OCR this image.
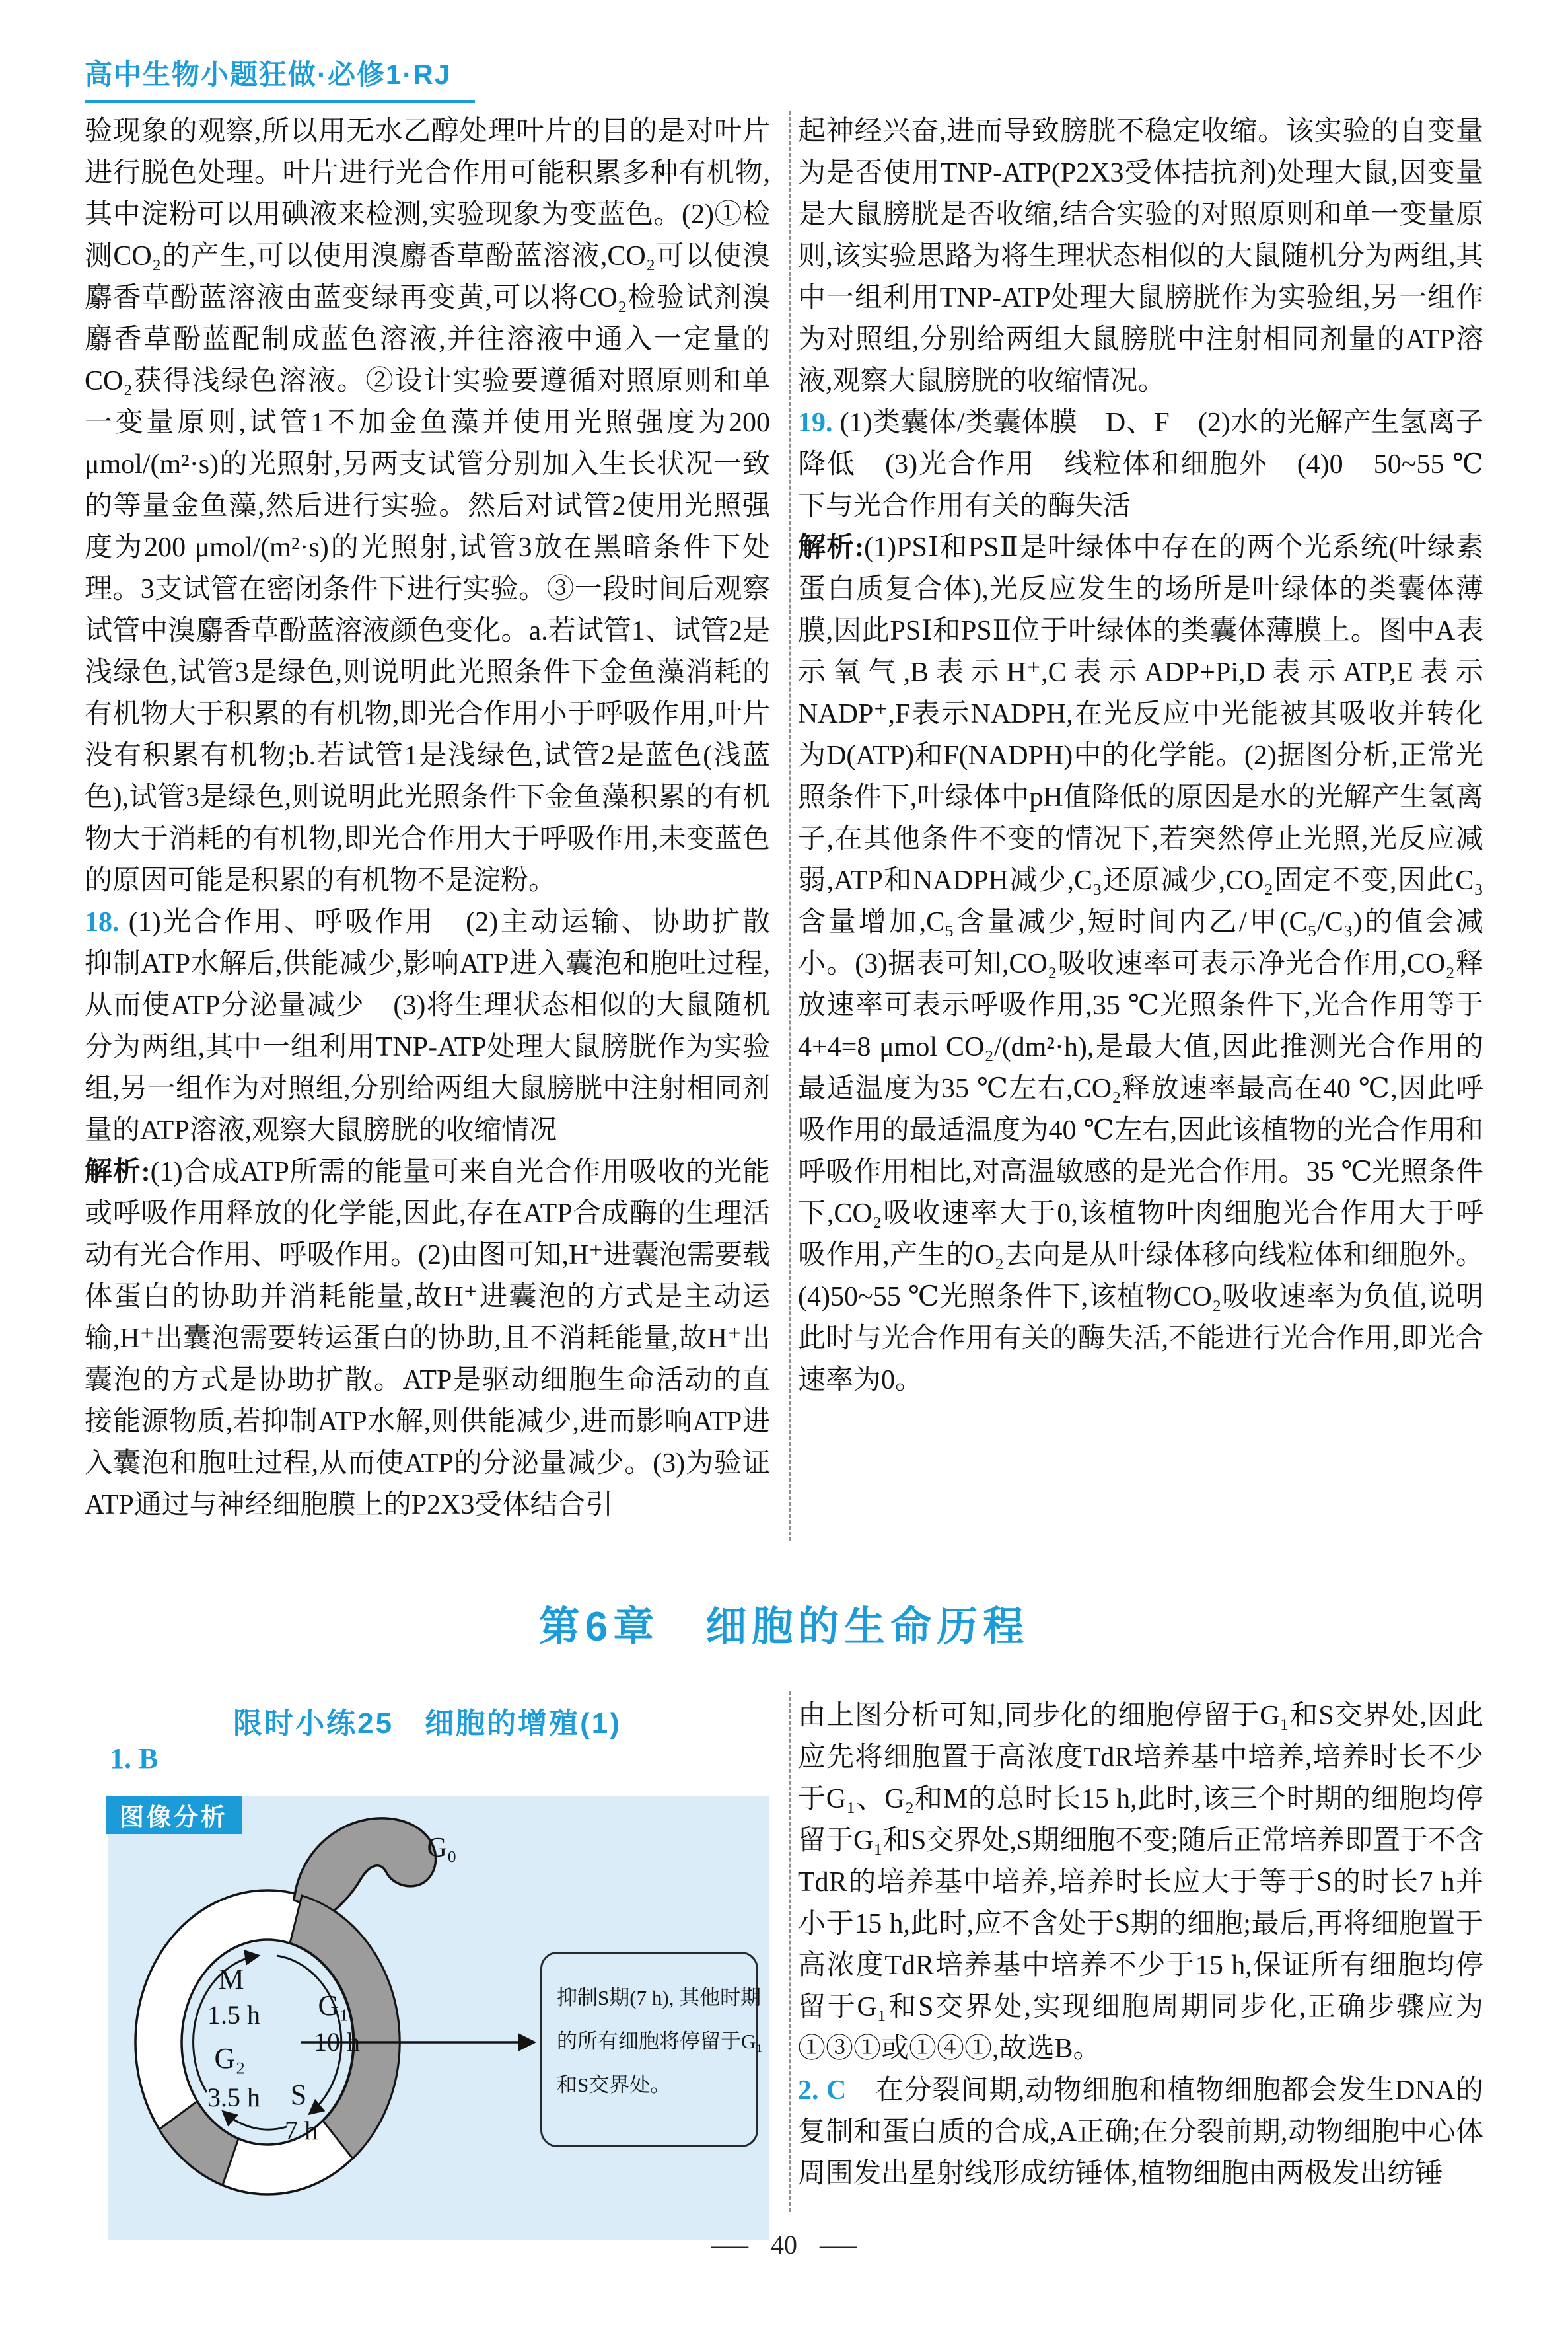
高中生物小题狂做·必修1·RJ

验现象的观察,所以用无水乙醇处理叶片的目的是对叶片进行脱色处理。叶片进行光合作用可能积累多种有机物,其中淀粉可以用碘液来检测,实验现象为变蓝色。(2)①检测CO₂的产生,可以使用溴麝香草酚蓝溶液,CO₂可以使溴麝香草酚蓝溶液由蓝变绿再变黄,可以将CO₂检验试剂溴麝香草酚蓝配制成蓝色溶液,并往溶液中通入一定量的CO₂获得浅绿色溶液。②设计实验要遵循对照原则和单一变量原则,试管1不加金鱼藻并使用光照强度为200 μmol/(m²·s)的光照射,另两支试管分别加入生长状况一致的等量金鱼藻,然后进行实验。然后对试管2使用光照强度为200 μmol/(m²·s)的光照射,试管3放在黑暗条件下处理。3支试管在密闭条件下进行实验。③一段时间后观察试管中溴麝香草酚蓝溶液颜色变化。a.若试管1、试管2是浅绿色,试管3是绿色,则说明此光照条件下金鱼藻消耗的有机物大于积累的有机物,即光合作用小于呼吸作用,叶片没有积累有机物;b.若试管1是浅绿色,试管2是蓝色(浅蓝色),试管3是绿色,则说明此光照条件下金鱼藻积累的有机物大于消耗的有机物,即光合作用大于呼吸作用,未变蓝色的原因可能是积累的有机物不是淀粉。

18. (1)光合作用、呼吸作用　(2)主动运输、协助扩散　抑制ATP水解后,供能减少,影响ATP进入囊泡和胞吐过程,从而使ATP分泌量减少　(3)将生理状态相似的大鼠随机分为两组,其中一组利用TNP-ATP处理大鼠膀胱作为实验组,另一组作为对照组,分别给两组大鼠膀胱中注射相同剂量的ATP溶液,观察大鼠膀胱的收缩情况

解析:(1)合成ATP所需的能量可来自光合作用吸收的光能或呼吸作用释放的化学能,因此,存在ATP合成酶的生理活动有光合作用、呼吸作用。(2)由图可知,H⁺进囊泡需要载体蛋白的协助并消耗能量,故H⁺进囊泡的方式是主动运输,H⁺出囊泡需要转运蛋白的协助,且不消耗能量,故H⁺出囊泡的方式是协助扩散。ATP是驱动细胞生命活动的直接能源物质,若抑制ATP水解,则供能减少,进而影响ATP进入囊泡和胞吐过程,从而使ATP的分泌量减少。(3)为验证ATP通过与神经细胞膜上的P2X3受体结合引

起神经兴奋,进而导致膀胱不稳定收缩。该实验的自变量为是否使用TNP-ATP(P2X3受体拮抗剂)处理大鼠,因变量是大鼠膀胱是否收缩,结合实验的对照原则和单一变量原则,该实验思路为将生理状态相似的大鼠随机分为两组,其中一组利用TNP-ATP处理大鼠膀胱作为实验组,另一组作为对照组,分别给两组大鼠膀胱中注射相同剂量的ATP溶液,观察大鼠膀胱的收缩情况。

19. (1)类囊体/类囊体膜　D、F　(2)水的光解产生氢离子降低　(3)光合作用　线粒体和细胞外　(4)0　50~55 ℃下与光合作用有关的酶失活

解析:(1)PSⅠ和PSⅡ是叶绿体中存在的两个光系统(叶绿素蛋白质复合体),光反应发生的场所是叶绿体的类囊体薄膜,因此PSⅠ和PSⅡ位于叶绿体的类囊体薄膜上。图中A表示氧气,B表示H⁺,C表示ADP+Pi,D表示ATP,E表示NADP⁺,F表示NADPH,在光反应中光能被其吸收并转化为D(ATP)和F(NADPH)中的化学能。(2)据图分析,正常光照条件下,叶绿体中pH值降低的原因是水的光解产生氢离子,在其他条件不变的情况下,若突然停止光照,光反应减弱,ATP和NADPH减少,C₃还原减少,CO₂固定不变,因此C₃含量增加,C₅含量减少,短时间内乙/甲(C₅/C₃)的值会减小。(3)据表可知,CO₂吸收速率可表示净光合作用,CO₂释放速率可表示呼吸作用,35 ℃光照条件下,光合作用等于4+4=8 μmol CO₂/(dm²·h),是最大值,因此推测光合作用的最适温度为35 ℃左右,CO₂释放速率最高在40 ℃,因此呼吸作用的最适温度为40 ℃左右,因此该植物的光合作用和呼吸作用相比,对高温敏感的是光合作用。35 ℃光照条件下,CO₂吸收速率大于0,该植物叶肉细胞光合作用大于呼吸作用,产生的O₂去向是从叶绿体移向线粒体和细胞外。(4)50~55 ℃光照条件下,该植物CO₂吸收速率为负值,说明此时与光合作用有关的酶失活,不能进行光合作用,即光合速率为0。

第6章　细胞的生命历程
限时小练25　细胞的增殖(1)
1. B
图像分析
G₀
M
1.5 h
G₂
3.5 h
G₁
10 h
S
7 h
抑制S期(7 h), 其他时期
的所有细胞将停留于G₁
和S交界处。

由上图分析可知,同步化的细胞停留于G₁和S交界处,因此应先将细胞置于高浓度TdR培养基中培养,培养时长不少于G₁、G₂和M的总时长15 h,此时,该三个时期的细胞均停留于G₁和S交界处,S期细胞不变;随后正常培养即置于不含TdR的培养基中培养,培养时长应大于等于S的时长7 h并小于15 h,此时,应不含处于S期的细胞;最后,再将细胞置于高浓度TdR培养基中培养不少于15 h,保证所有细胞均停留于G₁和S交界处,实现细胞周期同步化,正确步骤应为①③①或①④①,故选B。

2. C　 在分裂间期,动物细胞和植物细胞都会发生DNA的复制和蛋白质的合成,A正确;在分裂前期,动物细胞中心体周围发出星射线形成纺锤体,植物细胞由两极发出纺锤

— 40 —
